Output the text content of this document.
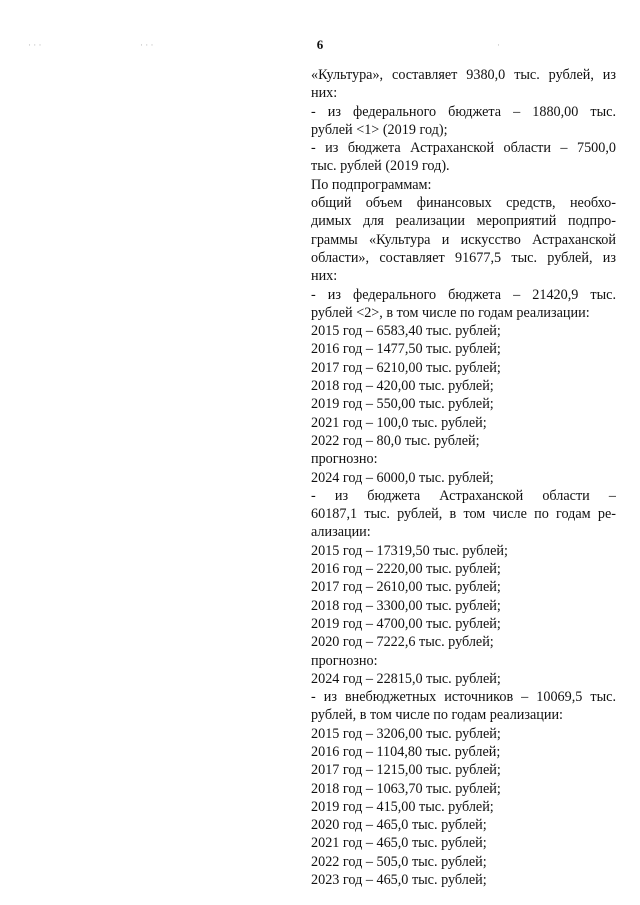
6
· · ·	· · ·	·
«Культура», составляет 9380,0 тыс. рублей, из
них:
- из федерального бюджета – 1880,00 тыс.
рублей <1> (2019 год);
- из бюджета Астраханской области – 7500,0
тыс. рублей (2019 год).
По подпрограммам:
общий объем финансовых средств, необхо-
димых для реализации мероприятий подпро-
граммы «Культура и искусство Астраханской
области», составляет 91677,5 тыс. рублей, из
них:
- из федерального бюджета – 21420,9 тыс.
рублей <2>, в том числе по годам реализации:
2015 год – 6583,40 тыс. рублей;
2016 год – 1477,50 тыс. рублей;
2017 год – 6210,00 тыс. рублей;
2018 год – 420,00 тыс. рублей;
2019 год – 550,00 тыс. рублей;
2021 год – 100,0 тыс. рублей;
2022 год – 80,0 тыс. рублей;
прогнозно:
2024 год – 6000,0 тыс. рублей;
- из бюджета Астраханской области –
60187,1 тыс. рублей, в том числе по годам ре-
ализации:
2015 год – 17319,50 тыс. рублей;
2016 год – 2220,00 тыс. рублей;
2017 год – 2610,00 тыс. рублей;
2018 год – 3300,00 тыс. рублей;
2019 год – 4700,00 тыс. рублей;
2020 год – 7222,6 тыс. рублей;
прогнозно:
2024 год – 22815,0 тыс. рублей;
- из внебюджетных источников – 10069,5 тыс.
рублей, в том числе по годам реализации:
2015 год – 3206,00 тыс. рублей;
2016 год – 1104,80 тыс. рублей;
2017 год – 1215,00 тыс. рублей;
2018 год – 1063,70 тыс. рублей;
2019 год – 415,00 тыс. рублей;
2020 год – 465,0 тыс. рублей;
2021 год – 465,0 тыс. рублей;
2022 год – 505,0 тыс. рублей;
2023 год – 465,0 тыс. рублей;
